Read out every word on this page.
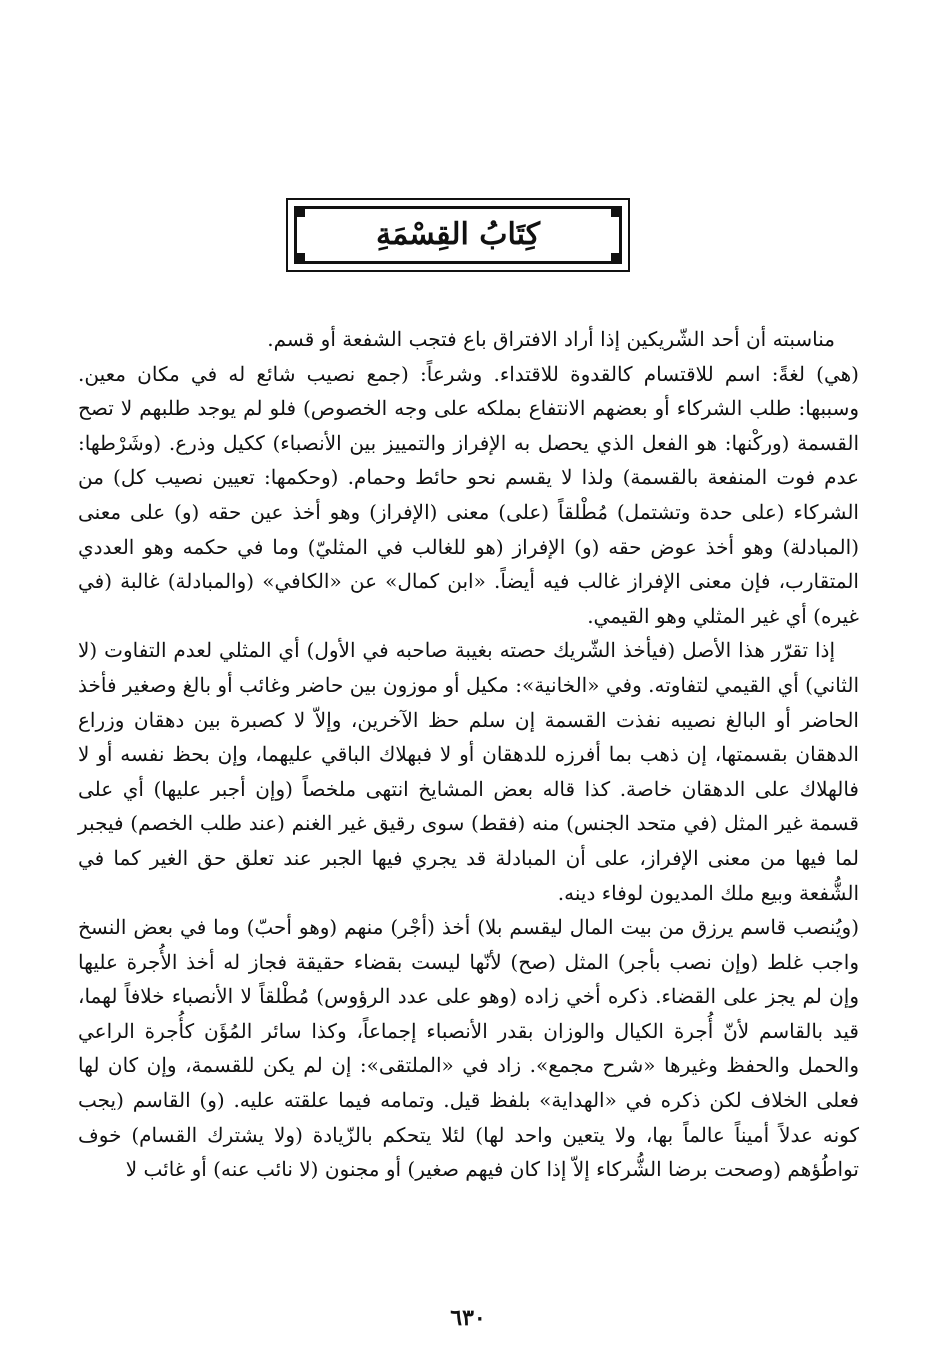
كِتَابُ القِسْمَةِ

مناسبته أن أحد الشّريكين إذا أراد الافتراق باع فتجب الشفعة أو قسم.

(هي) لغةً: اسم للاقتسام كالقدوة للاقتداء. وشرعاً: (جمع نصيب شائع له في مكان معين. وسببها: طلب الشركاء أو بعضهم الانتفاع بملكه على وجه الخصوص) فلو لم يوجد طلبهم لا تصح القسمة (وركْنها: هو الفعل الذي يحصل به الإفراز والتمييز بين الأنصباء) ككيل وذرع. (وشَرْطها: عدم فوت المنفعة بالقسمة) ولذا لا يقسم نحو حائط وحمام. (وحكمها: تعيين نصيب كل) من الشركاء (على حدة وتشتمل) مُطْلقاً (على) معنى (الإفراز) وهو أخذ عين حقه (و) على معنى (المبادلة) وهو أخذ عوض حقه (و) الإفراز (هو للغالب في المثليّ) وما في حكمه وهو العددي المتقارب، فإن معنى الإفراز غالب فيه أيضاً. «ابن كمال» عن «الكافي» (والمبادلة) غالبة (في غيره) أي غير المثلي وهو القيمي.

إذا تقرّر هذا الأصل (فيأخذ الشّريك حصته بغيبة صاحبه في الأول) أي المثلي لعدم التفاوت (لا الثاني) أي القيمي لتفاوته. وفي «الخانية»: مكيل أو موزون بين حاضر وغائب أو بالغ وصغير فأخذ الحاضر أو البالغ نصيبه نفذت القسمة إن سلم حظ الآخرين، وإلاّ لا كصبرة بين دهقان وزراع الدهقان بقسمتها، إن ذهب بما أفرزه للدهقان أو لا فبهلاك الباقي عليهما، وإن بحظ نفسه أو لا فالهلاك على الدهقان خاصة. كذا قاله بعض المشايخ انتهى ملخصاً (وإن أجبر عليها) أي على قسمة غير المثل (في متحد الجنس) منه (فقط) سوى رقيق غير الغنم (عند طلب الخصم) فيجبر لما فيها من معنى الإفراز، على أن المبادلة قد يجري فيها الجبر عند تعلق حق الغير كما في الشُّفعة وبيع ملك المديون لوفاء دينه.

(ويُنصب قاسم يرزق من بيت المال ليقسم بلا) أخذ (أجْر) منهم (وهو أحبّ) وما في بعض النسخ واجب غلط (وإن نصب بأجر) المثل (صح) لأنّها ليست بقضاء حقيقة فجاز له أخذ الأُجرة عليها وإن لم يجز على القضاء. ذكره أخي زاده (وهو على عدد الرؤوس) مُطْلقاً لا الأنصباء خلافاً لهما، قيد بالقاسم لأنّ أُجرة الكيال والوزان بقدر الأنصباء إجماعاً، وكذا سائر المُؤَن كأُجرة الراعي والحمل والحفظ وغيرها «شرح مجمع». زاد في «الملتقى»: إن لم يكن للقسمة، وإن كان لها فعلى الخلاف لكن ذكره في «الهداية» بلفظ قيل. وتمامه فيما علقته عليه. (و) القاسم (يجب كونه عدلاً أميناً عالماً بها، ولا يتعين واحد لها) لئلا يتحكم بالزّيادة (ولا يشترك القسام) خوف تواطُؤهم (وصحت برضا الشُّركاء إلاّ إذا كان فيهم صغير) أو مجنون (لا نائب عنه) أو غائب لا

٦٣٠
